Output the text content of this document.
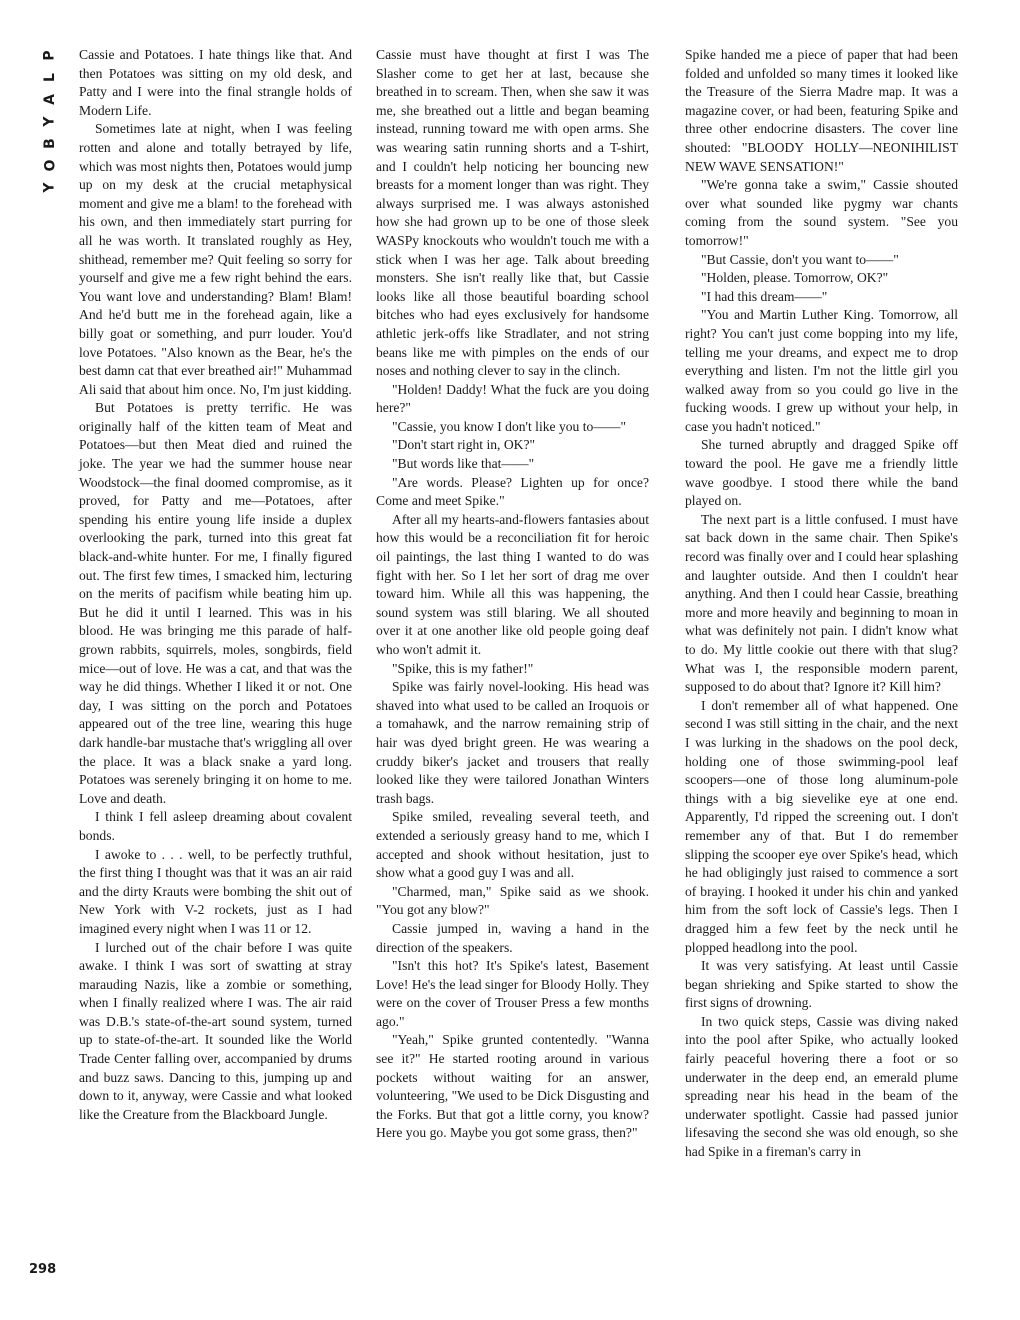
P
L
A
Y
B
O
Y
298

Cassie and Potatoes. I hate things like that. And then Potatoes was sitting on my old desk, and Patty and I were into the final strangle holds of Modern Life.

Sometimes late at night, when I was feeling rotten and alone and totally betrayed by life, which was most nights then, Potatoes would jump up on my desk at the crucial metaphysical moment and give me a blam! to the forehead with his own, and then immediately start purring for all he was worth. It translated roughly as Hey, shithead, remember me? Quit feeling so sorry for yourself and give me a few right behind the ears. You want love and understanding? Blam! Blam! And he'd butt me in the forehead again, like a billy goat or something, and purr louder. You'd love Potatoes. "Also known as the Bear, he's the best damn cat that ever breathed air!" Muhammad Ali said that about him once. No, I'm just kidding.

But Potatoes is pretty terrific. He was originally half of the kitten team of Meat and Potatoes—but then Meat died and ruined the joke. The year we had the summer house near Woodstock—the final doomed compromise, as it proved, for Patty and me—Potatoes, after spending his entire young life inside a duplex overlooking the park, turned into this great fat black-and-white hunter. For me, I finally figured out. The first few times, I smacked him, lecturing on the merits of pacifism while beating him up. But he did it until I learned. This was in his blood. He was bringing me this parade of half-grown rabbits, squirrels, moles, songbirds, field mice—out of love. He was a cat, and that was the way he did things. Whether I liked it or not. One day, I was sitting on the porch and Potatoes appeared out of the tree line, wearing this huge dark handle-bar mustache that's wriggling all over the place. It was a black snake a yard long. Potatoes was serenely bringing it on home to me. Love and death.

I think I fell asleep dreaming about covalent bonds.

I awoke to . . . well, to be perfectly truthful, the first thing I thought was that it was an air raid and the dirty Krauts were bombing the shit out of New York with V-2 rockets, just as I had imagined every night when I was 11 or 12.

I lurched out of the chair before I was quite awake. I think I was sort of swatting at stray marauding Nazis, like a zombie or something, when I finally realized where I was. The air raid was D.B.'s state-of-the-art sound system, turned up to state-of-the-art. It sounded like the World Trade Center falling over, accompanied by drums and buzz saws. Dancing to this, jumping up and down to it, anyway, were Cassie and what looked like the Creature from the Blackboard Jungle.

Cassie must have thought at first I was The Slasher come to get her at last, because she breathed in to scream. Then, when she saw it was me, she breathed out a little and began beaming instead, running toward me with open arms. She was wearing satin running shorts and a T-shirt, and I couldn't help noticing her bouncing new breasts for a moment longer than was right. They always surprised me. I was always astonished how she had grown up to be one of those sleek WASPy knockouts who wouldn't touch me with a stick when I was her age. Talk about breeding monsters. She isn't really like that, but Cassie looks like all those beautiful boarding school bitches who had eyes exclusively for handsome athletic jerk-offs like Stradlater, and not string beans like me with pimples on the ends of our noses and nothing clever to say in the clinch.

"Holden! Daddy! What the fuck are you doing here?"

"Cassie, you know I don't like you to——"

"Don't start right in, OK?"

"But words like that——"

"Are words. Please? Lighten up for once? Come and meet Spike."

After all my hearts-and-flowers fantasies about how this would be a reconciliation fit for heroic oil paintings, the last thing I wanted to do was fight with her. So I let her sort of drag me over toward him. While all this was happening, the sound system was still blaring. We all shouted over it at one another like old people going deaf who won't admit it.

"Spike, this is my father!"

Spike was fairly novel-looking. His head was shaved into what used to be called an Iroquois or a tomahawk, and the narrow remaining strip of hair was dyed bright green. He was wearing a cruddy biker's jacket and trousers that really looked like they were tailored Jonathan Winters trash bags.

Spike smiled, revealing several teeth, and extended a seriously greasy hand to me, which I accepted and shook without hesitation, just to show what a good guy I was and all.

"Charmed, man," Spike said as we shook. "You got any blow?"

Cassie jumped in, waving a hand in the direction of the speakers.

"Isn't this hot? It's Spike's latest, Basement Love! He's the lead singer for Bloody Holly. They were on the cover of Trouser Press a few months ago."

"Yeah," Spike grunted contentedly. "Wanna see it?" He started rooting around in various pockets without waiting for an answer, volunteering, "We used to be Dick Disgusting and the Forks. But that got a little corny, you know? Here you go. Maybe you got some grass, then?"

Spike handed me a piece of paper that had been folded and unfolded so many times it looked like the Treasure of the Sierra Madre map. It was a magazine cover, or had been, featuring Spike and three other endocrine disasters. The cover line shouted: "BLOODY HOLLY—NEONIHILIST NEW WAVE SENSATION!"

"We're gonna take a swim," Cassie shouted over what sounded like pygmy war chants coming from the sound system. "See you tomorrow!"

"But Cassie, don't you want to——"

"Holden, please. Tomorrow, OK?"

"I had this dream——"

"You and Martin Luther King. Tomorrow, all right? You can't just come bopping into my life, telling me your dreams, and expect me to drop everything and listen. I'm not the little girl you walked away from so you could go live in the fucking woods. I grew up without your help, in case you hadn't noticed."

She turned abruptly and dragged Spike off toward the pool. He gave me a friendly little wave goodbye. I stood there while the band played on.

The next part is a little confused. I must have sat back down in the same chair. Then Spike's record was finally over and I could hear splashing and laughter outside. And then I couldn't hear anything. And then I could hear Cassie, breathing more and more heavily and beginning to moan in what was definitely not pain. I didn't know what to do. My little cookie out there with that slug? What was I, the responsible modern parent, supposed to do about that? Ignore it? Kill him?

I don't remember all of what happened. One second I was still sitting in the chair, and the next I was lurking in the shadows on the pool deck, holding one of those swimming-pool leaf scoopers—one of those long aluminum-pole things with a big sievelike eye at one end. Apparently, I'd ripped the screening out. I don't remember any of that. But I do remember slipping the scooper eye over Spike's head, which he had obligingly just raised to commence a sort of braying. I hooked it under his chin and yanked him from the soft lock of Cassie's legs. Then I dragged him a few feet by the neck until he plopped headlong into the pool.

It was very satisfying. At least until Cassie began shrieking and Spike started to show the first signs of drowning.

In two quick steps, Cassie was diving naked into the pool after Spike, who actually looked fairly peaceful hovering there a foot or so underwater in the deep end, an emerald plume spreading near his head in the beam of the underwater spotlight. Cassie had passed junior lifesaving the second she was old enough, so she had Spike in a fireman's carry in
